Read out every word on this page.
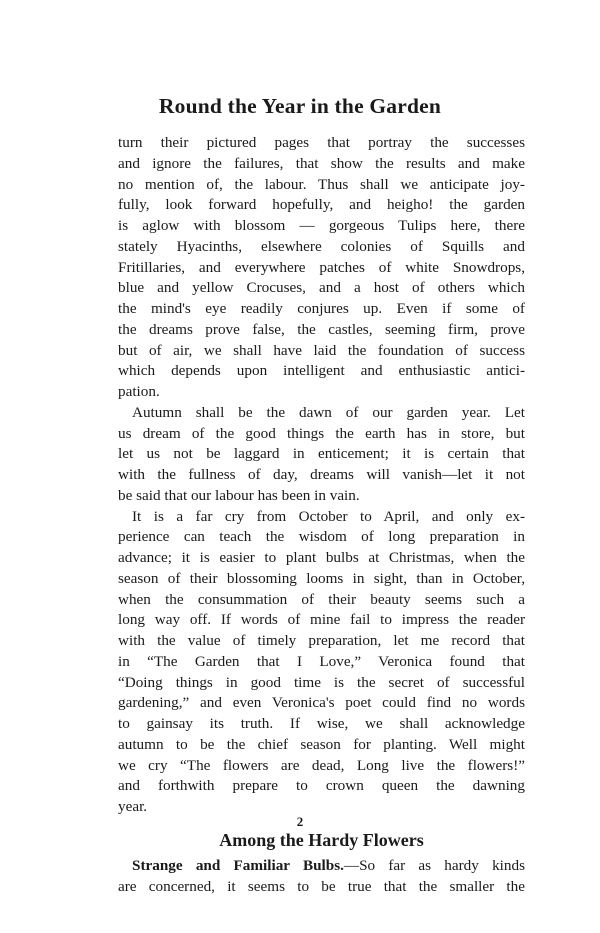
Round the Year in the Garden
turn their pictured pages that portray the successes
and ignore the failures, that show the results and make
no mention of, the labour. Thus shall we anticipate joy-
fully, look forward hopefully, and heigho! the garden
is aglow with blossom — gorgeous Tulips here, there
stately Hyacinths, elsewhere colonies of Squills and
Fritillaries, and everywhere patches of white Snowdrops,
blue and yellow Crocuses, and a host of others which
the mind's eye readily conjures up. Even if some of
the dreams prove false, the castles, seeming firm, prove
but of air, we shall have laid the foundation of success
which depends upon intelligent and enthusiastic antici-
pation.
Autumn shall be the dawn of our garden year. Let
us dream of the good things the earth has in store, but
let us not be laggard in enticement; it is certain that
with the fullness of day, dreams will vanish—let it not
be said that our labour has been in vain.
It is a far cry from October to April, and only ex-
perience can teach the wisdom of long preparation in
advance; it is easier to plant bulbs at Christmas, when the
season of their blossoming looms in sight, than in October,
when the consummation of their beauty seems such a
long way off. If words of mine fail to impress the reader
with the value of timely preparation, let me record that
in “The Garden that I Love,” Veronica found that
“Doing things in good time is the secret of successful
gardening,” and even Veronica's poet could find no words
to gainsay its truth. If wise, we shall acknowledge
autumn to be the chief season for planting. Well might
we cry “The flowers are dead, Long live the flowers!”
and forthwith prepare to crown queen the dawning
year.
Among the Hardy Flowers
Strange and Familiar Bulbs.—So far as hardy kinds
are concerned, it seems to be true that the smaller the
2
